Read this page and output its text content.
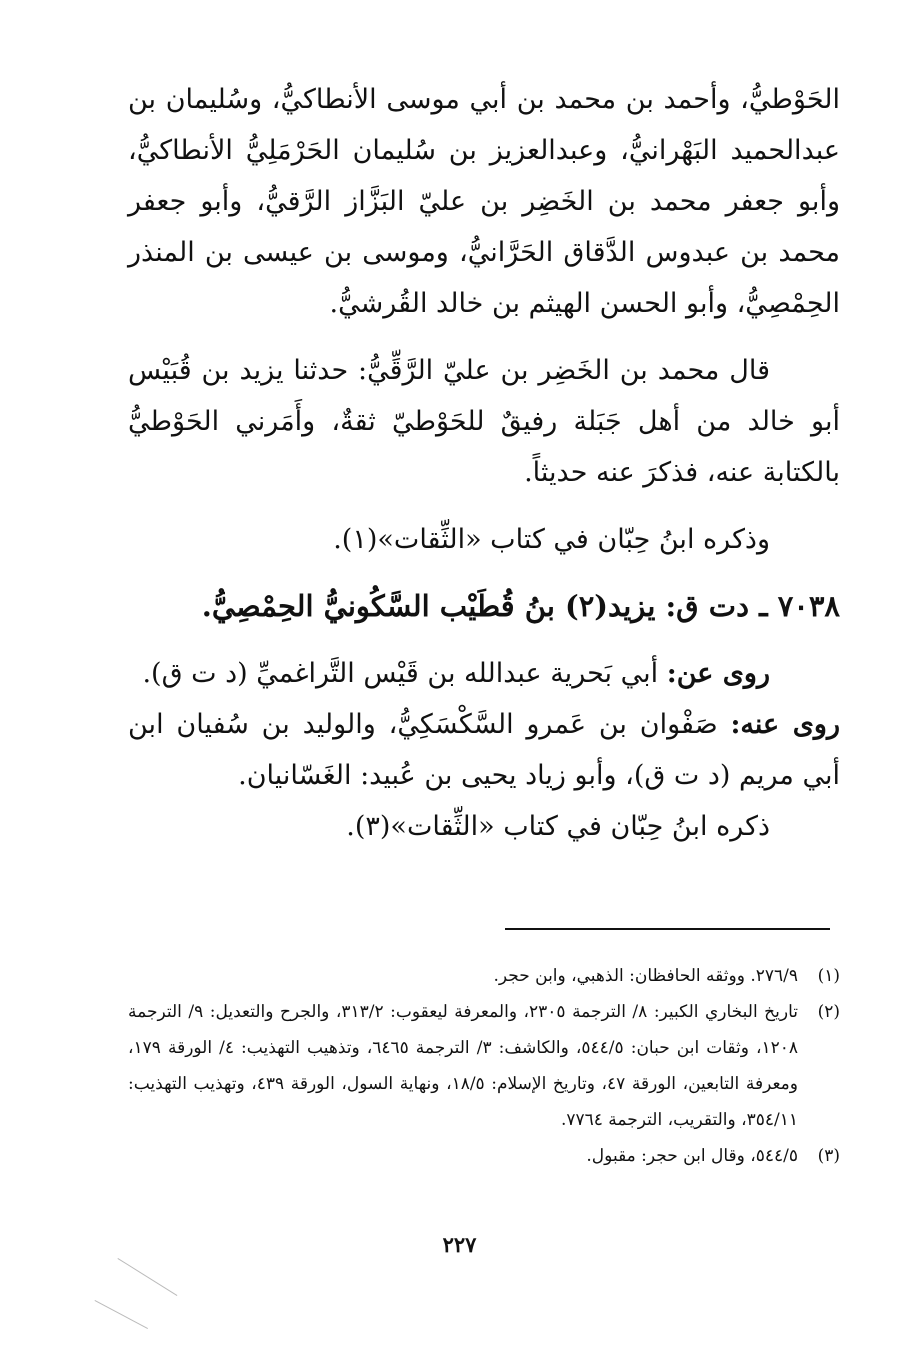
الحَوْطيُّ، وأحمد بن محمد بن أبي موسى الأنطاكيُّ، وسُليمان بن عبدالحميد البَهْرانيُّ، وعبدالعزيز بن سُليمان الحَرْمَلِيُّ الأنطاكيُّ، وأبو جعفر محمد بن الخَضِر بن عليّ البَزَّاز الرَّقيُّ، وأبو جعفر محمد بن عبدوس الدَّقاق الحَرَّانيُّ، وموسى بن عيسى بن المنذر الحِمْصِيُّ، وأبو الحسن الهيثم بن خالد القُرشيُّ.

قال محمد بن الخَضِر بن عليّ الرَّقِّيُّ: حدثنا يزيد بن قُبَيْس أبو خالد من أهل جَبَلة رفيقٌ للحَوْطيّ ثقةٌ، وأَمَرني الحَوْطيُّ بالكتابة عنه، فذكرَ عنه حديثاً.

وذكره ابنُ حِبّان في كتاب «الثِّقات»(١).

٧٠٣٨ ـ دت ق: يزيد(٢) بنُ قُطَيْب السَّكُونيُّ الحِمْصِيُّ.

روى عن: أبي بَحرية عبدالله بن قَيْس التَّراغميِّ (د ت ق).

روى عنه: صَفْوان بن عَمرو السَّكْسَكِيُّ، والوليد بن سُفيان ابن أبي مريم (د ت ق)، وأبو زياد يحيى بن عُبيد: الغَسّانيان.

ذكره ابنُ حِبّان في كتاب «الثِّقات»(٣).

(١)
٢٧٦/٩. ووثقه الحافظان: الذهبي، وابن حجر.
(٢)
تاريخ البخاري الكبير: ٨/ الترجمة ٢٣٠٥، والمعرفة ليعقوب: ٣١٣/٢، والجرح والتعديل: ٩/ الترجمة ١٢٠٨، وثقات ابن حبان: ٥٤٤/٥، والكاشف: ٣/ الترجمة ٦٤٦٥، وتذهيب التهذيب: ٤/ الورقة ١٧٩، ومعرفة التابعين، الورقة ٤٧، وتاريخ الإسلام: ١٨/٥، ونهاية السول، الورقة ٤٣٩، وتهذيب التهذيب: ٣٥٤/١١، والتقريب، الترجمة ٧٧٦٤.
(٣)
٥٤٤/٥، وقال ابن حجر: مقبول.
٢٢٧
